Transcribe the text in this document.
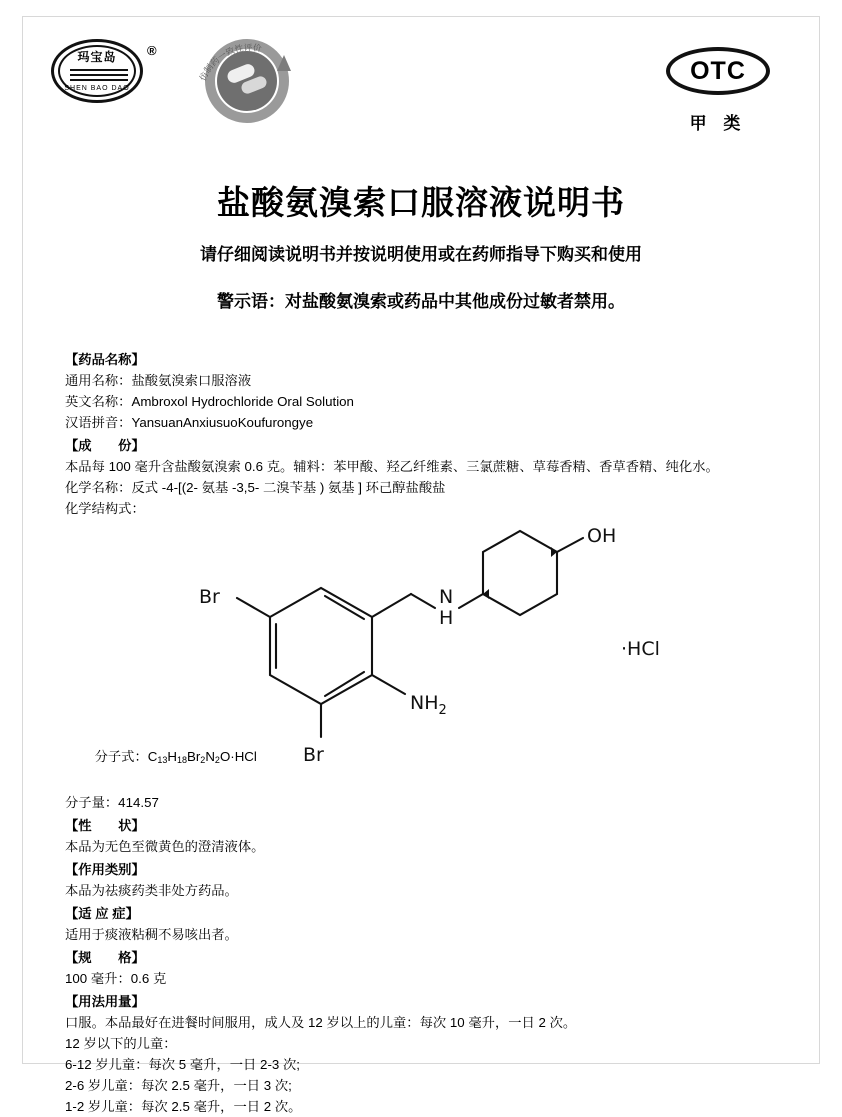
玛宝岛
SHEN BAO DAO
®
仿制药一致性评价
OTC
甲 类
盐酸氨溴索口服溶液说明书
请仔细阅读说明书并按说明使用或在药师指导下购买和使用
警示语：对盐酸氨溴索或药品中其他成份过敏者禁用。
【药品名称】
通用名称：盐酸氨溴索口服溶液
英文名称：Ambroxol Hydrochloride Oral Solution
汉语拼音：YansuanAnxiusuoKoufurongye
【成　　份】
本品每 100 毫升含盐酸氨溴索 0.6 克。辅料：苯甲酸、羟乙纤维素、三氯蔗糖、草莓香精、香草香精、纯化水。
化学名称：反式 -4-[(2- 氨基 -3,5- 二溴苄基 ) 氨基 ] 环己醇盐酸盐
化学结构式：
Br
Br
$NH_2$
N
H
OH
·HCl

分子式：$C_{13}H_{18}Br_2N_2O\cdot HCl$

分子量：414.57
【性　　状】
本品为无色至微黄色的澄清液体。
【作用类别】
本品为祛痰药类非处方药品。
【适 应 症】
适用于痰液粘稠不易咳出者。
【规　　格】
100 毫升：0.6 克
【用法用量】
口服。本品最好在进餐时间服用，成人及 12 岁以上的儿童：每次 10 毫升，一日 2 次。
12 岁以下的儿童：
6-12 岁儿童：每次 5 毫升，一日 2-3 次;
2-6 岁儿童：每次 2.5 毫升，一日 3 次;
1-2 岁儿童：每次 2.5 毫升，一日 2 次。
